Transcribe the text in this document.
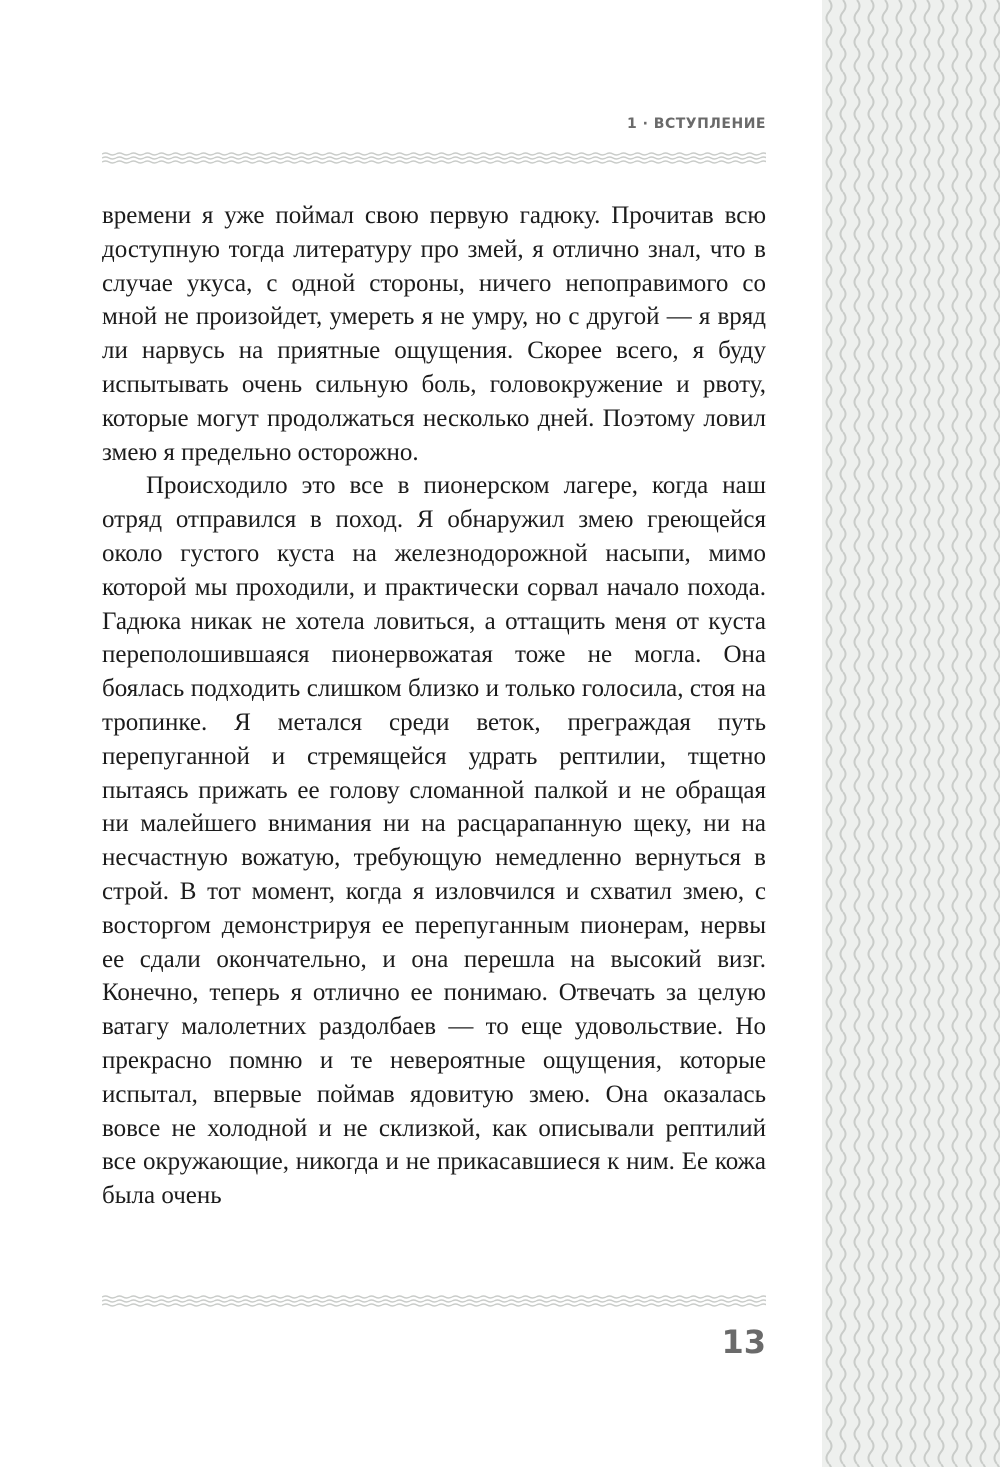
1 · ВСТУПЛЕНИЕ

времени я уже поймал свою первую гадюку. Прочитав всю доступную тогда литературу про змей, я отлично знал, что в случае укуса, с одной стороны, ничего непоправимого со мной не произойдет, умереть я не умру, но с другой — я вряд ли нарвусь на приятные ощущения. Скорее всего, я буду испытывать очень сильную боль, головокружение и рвоту, которые могут продолжаться несколько дней. Поэтому ловил змею я предельно осторожно.

Происходило это все в пионерском лагере, когда наш отряд отправился в поход. Я обнаружил змею греющейся около густого куста на железнодорожной насыпи, мимо которой мы проходили, и практически сорвал начало похода. Гадюка никак не хотела ловиться, а оттащить меня от куста переполошившаяся пионервожатая тоже не могла. Она боялась подходить слишком близко и только голосила, стоя на тропинке. Я метался среди веток, преграждая путь перепуганной и стремящейся удрать рептилии, тщетно пытаясь прижать ее голову сломанной палкой и не обращая ни малейшего внимания ни на расцарапанную щеку, ни на несчастную вожатую, требующую немедленно вернуться в строй. В тот момент, когда я изловчился и схватил змею, с восторгом демонстрируя ее перепуганным пионерам, нервы ее сдали окончательно, и она перешла на высокий визг. Конечно, теперь я отлично ее понимаю. Отвечать за целую ватагу малолетних раздолбаев — то еще удовольствие. Но прекрасно помню и те невероятные ощущения, которые испытал, впервые поймав ядовитую змею. Она оказалась вовсе не холодной и не склизкой, как описывали рептилий все окружающие, никогда и не прикасавшиеся к ним. Ее кожа была очень

13
